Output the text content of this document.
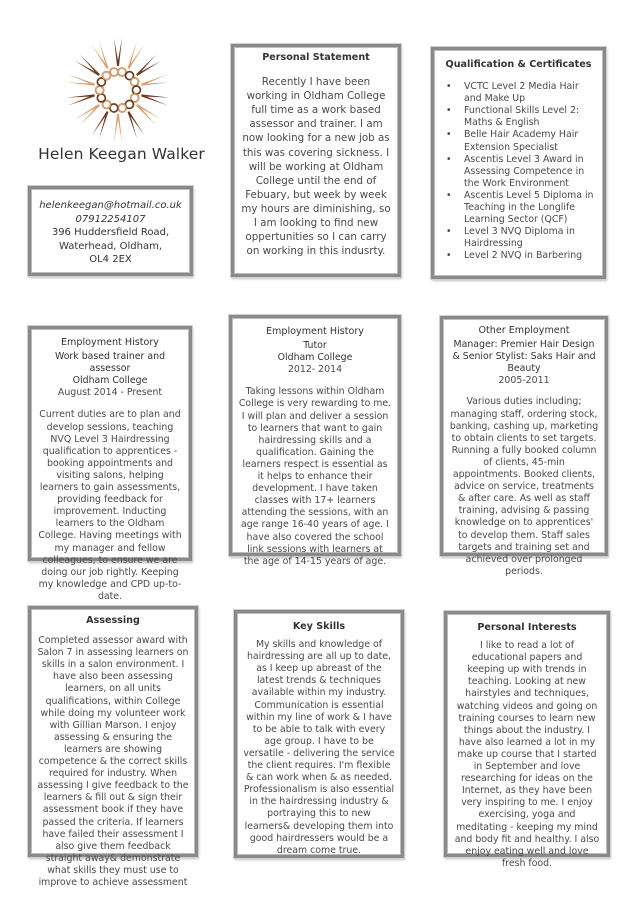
Helen Keegan Walker

helenkeegan@hotmail.co.uk

07912254107

396 Huddersfield Road,

Waterhead, Oldham,

OL4 2EX

Personal Statement

Recently I have been working in Oldham College full time as a work based assessor and trainer. I am now looking for a new job as this was covering sickness. I will be working at Oldham College until the end of Febuary, but week by week my hours are diminishing, so I am looking to find new oppertunities so I can carry on working in this indusrty.

Qualification & Certificates
• VCTC Level 2 Media Hair and Make Up
• Functional Skills Level 2: Maths & English
• Belle Hair Academy Hair Extension Specialist
• Ascentis Level 3 Award in Assessing Competence in the Work Environment
• Ascentis Level 5 Diploma in Teaching in the Longlife Learning Sector (QCF)
• Level 3 NVQ Diploma in Hairdressing
• Level 2 NVQ in Barbering
Employment History

Work based trainer and assessor

Oldham College

August 2014 - Present

Current duties are to plan and develop sessions, teaching NVQ Level 3 Hairdressing qualification to apprentices - booking appointments and visiting salons, helping learners to gain assessments, providing feedback for improvement. Inducting learners to the Oldham College. Having meetings with my manager and fellow colleagues, to ensure we are doing our job rightly. Keeping my knowledge and CPD up-to-date.

Employment History

Tutor

Oldham College

2012- 2014

Taking lessons within Oldham College is very rewarding to me. I will plan and deliver a session to learners that want to gain hairdressing skills and a qualification. Gaining the learners respect is essential as it helps to enhance their development. I have taken classes with 17+ learners attending the sessions, with an age range 16-40 years of age. I have also covered the school link sessions with learners at the age of 14-15 years of age.

Other Employment

Manager: Premier Hair Design & Senior Stylist: Saks Hair and Beauty

2005-2011

Various duties including; managing staff, ordering stock, banking, cashing up, marketing to obtain clients to set targets. Running a fully booked column of clients, 45-min appointments. Booked clients, advice on service, treatments & after care. As well as staff training, advising & passing knowledge on to apprentices' to develop them. Staff sales targets and training set and achieved over prolonged periods.

Assessing

Completed assessor award with Salon 7 in assessing learners on skills in a salon environment. I have also been assessing learners, on all units qualifications, within College while doing my volunteer work with Gillian Marson. I enjoy assessing & ensuring the learners are showing competence & the correct skills required for industry. When assessing I give feedback to the learners & fill out & sign their assessment book if they have passed the criteria. If learners have failed their assessment I also give them feedback straight away& demonstrate what skills they must use to improve to achieve assessment

Key Skills

My skills and knowledge of hairdressing are all up to date, as I keep up abreast of the latest trends & techniques available within my industry. Communication is essential within my line of work & I have to be able to talk with every age group. I have to be versatile - delivering the service the client requires. I'm flexible & can work when & as needed. Professionalism is also essential in the hairdressing industry & portraying this to new learners& developing them into good hairdressers would be a dream come true.

Personal Interests

I like to read a lot of educational papers and keeping up with trends in teaching. Looking at new hairstyles and techniques, watching videos and going on training courses to learn new things about the industry. I have also learned a lot in my make up course that I started in September and love researching for ideas on the Internet, as they have been very inspiring to me. I enjoy exercising, yoga and meditating - keeping my mind and body fit and healthy. I also enjoy eating well and love fresh food.
